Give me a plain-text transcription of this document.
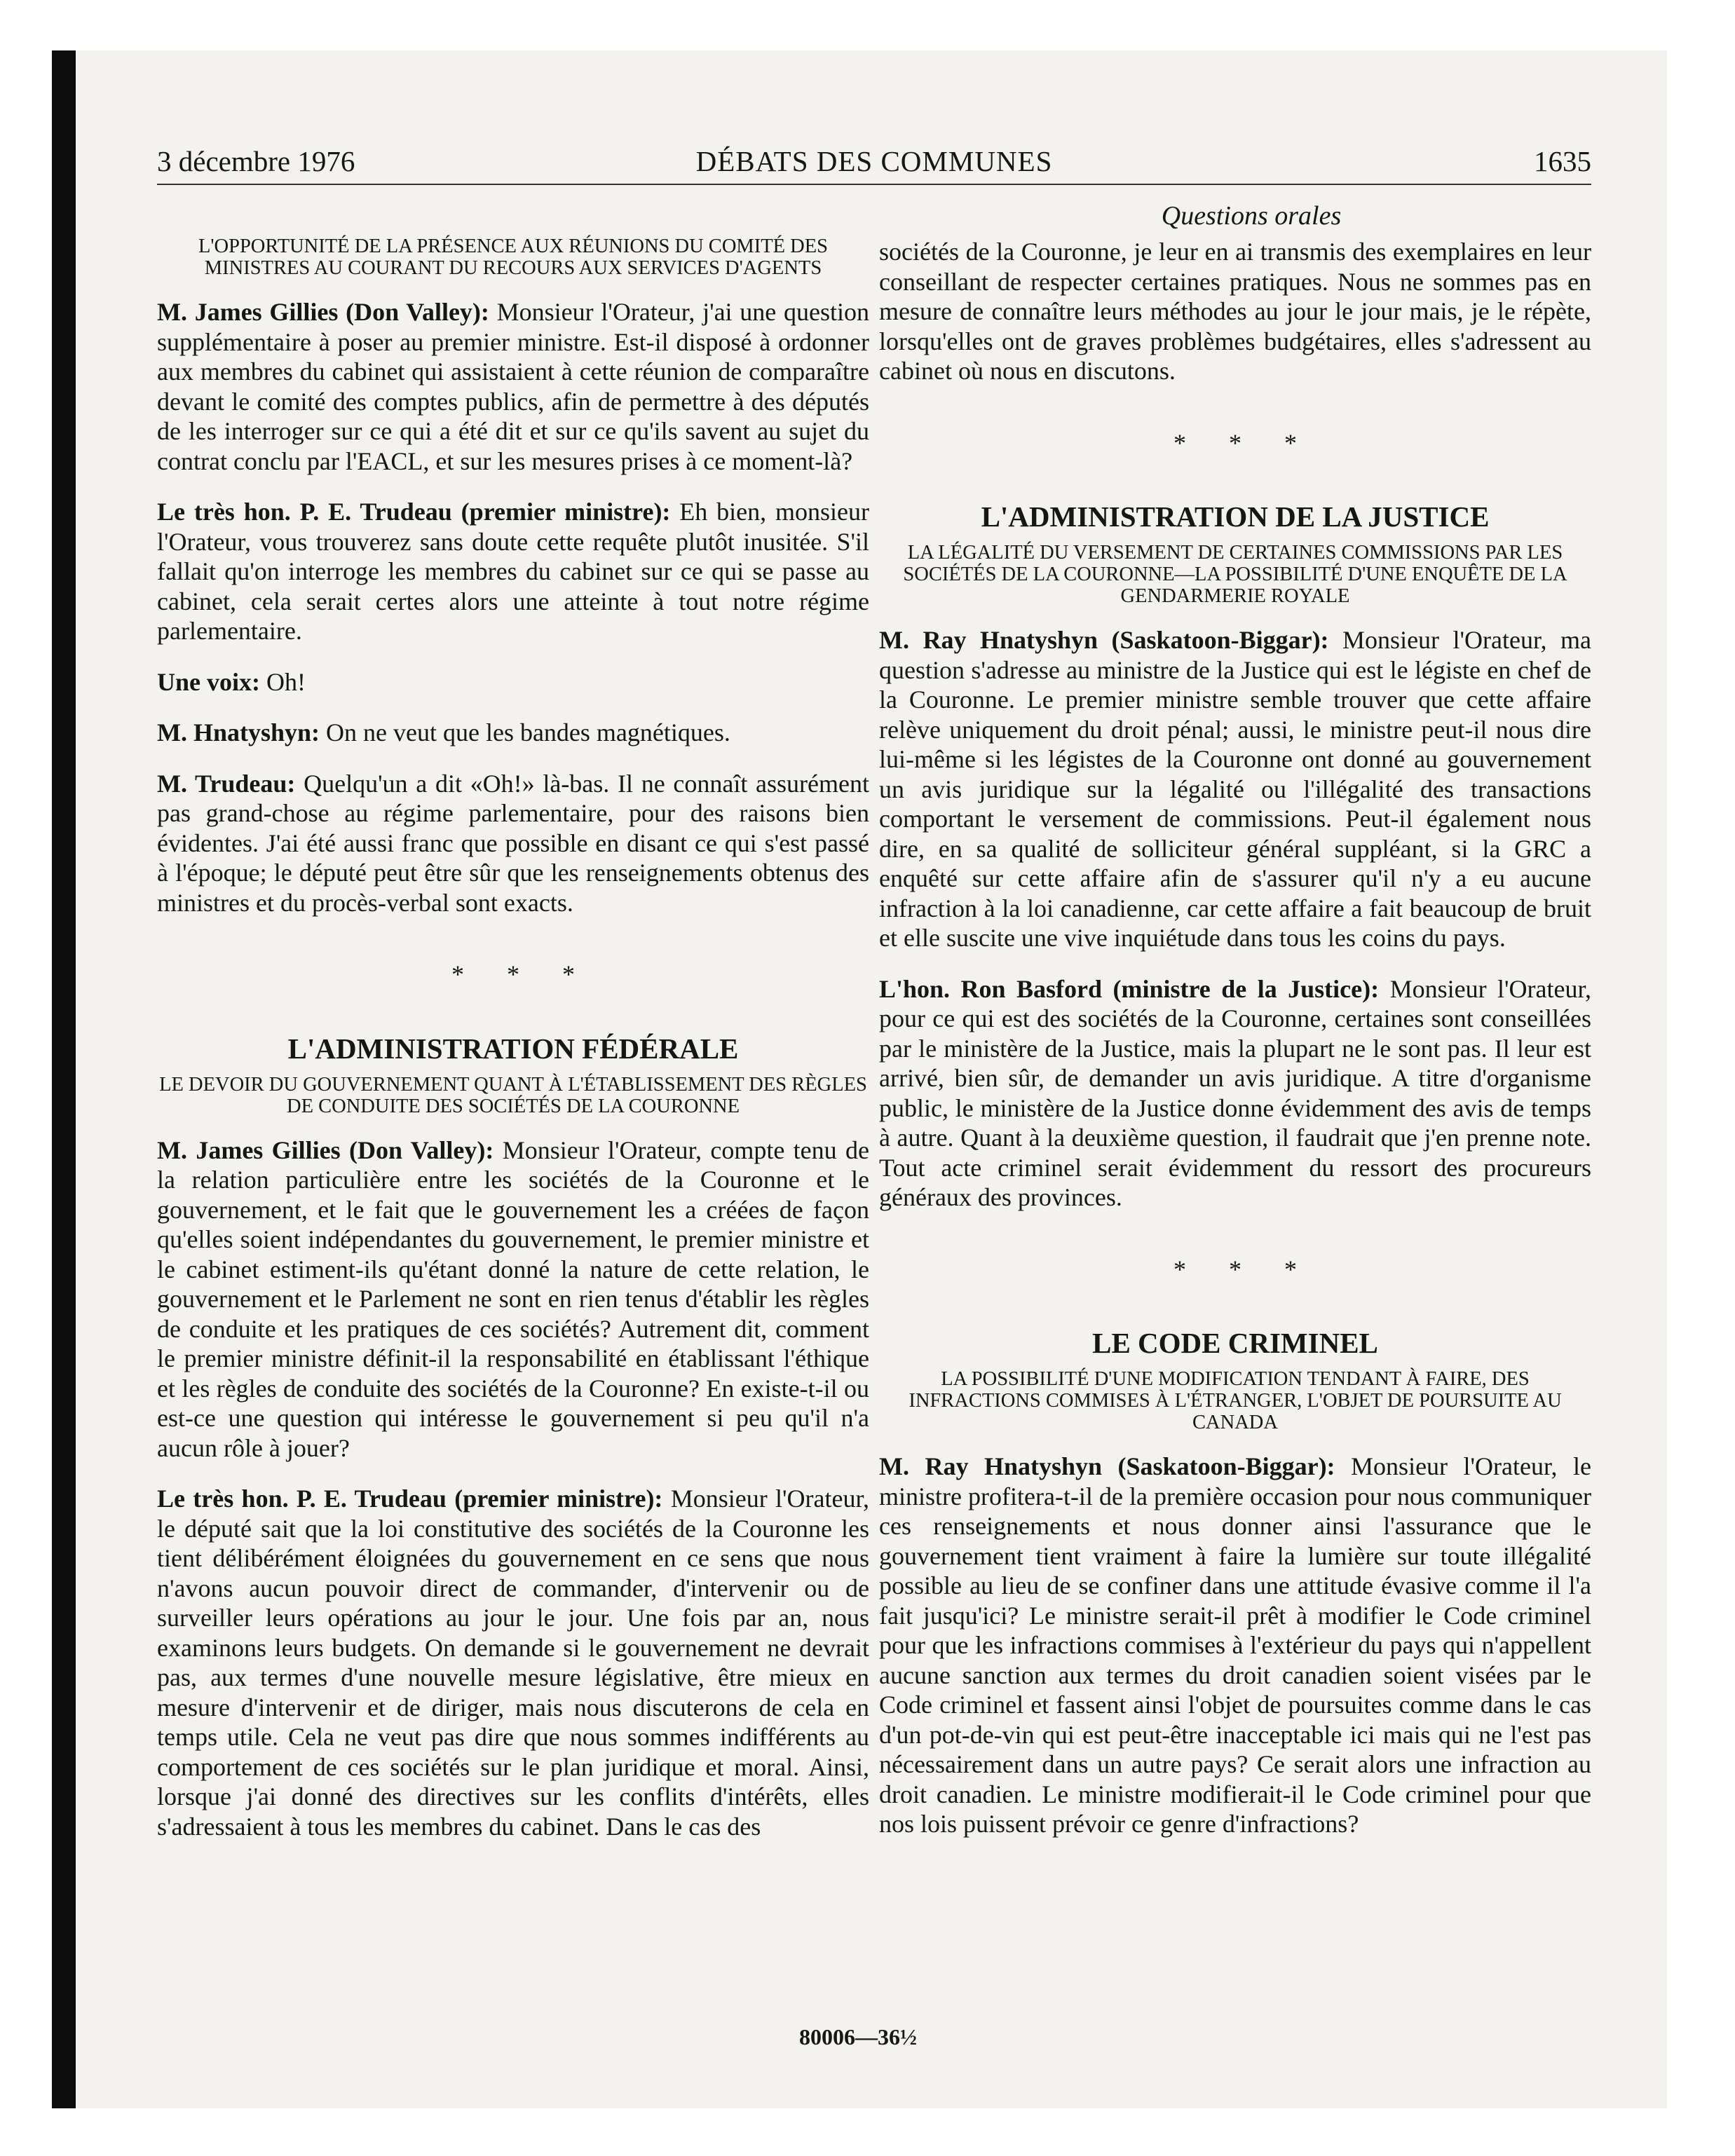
3 décembre 1976	DÉBATS DES COMMUNES	1635
Questions orales

L'OPPORTUNITÉ DE LA PRÉSENCE AUX RÉUNIONS DU COMITÉ DES MINISTRES AU COURANT DU RECOURS AUX SERVICES D'AGENTS

M. James Gillies (Don Valley): Monsieur l'Orateur, j'ai une question supplémentaire à poser au premier ministre. Est-il disposé à ordonner aux membres du cabinet qui assistaient à cette réunion de comparaître devant le comité des comptes publics, afin de permettre à des députés de les interroger sur ce qui a été dit et sur ce qu'ils savent au sujet du contrat conclu par l'EACL, et sur les mesures prises à ce moment-là?

Le très hon. P. E. Trudeau (premier ministre): Eh bien, monsieur l'Orateur, vous trouverez sans doute cette requête plutôt inusitée. S'il fallait qu'on interroge les membres du cabinet sur ce qui se passe au cabinet, cela serait certes alors une atteinte à tout notre régime parlementaire.

Une voix: Oh!

M. Hnatyshyn: On ne veut que les bandes magnétiques.

M. Trudeau: Quelqu'un a dit «Oh!» là-bas. Il ne connaît assurément pas grand-chose au régime parlementaire, pour des raisons bien évidentes. J'ai été aussi franc que possible en disant ce qui s'est passé à l'époque; le député peut être sûr que les renseignements obtenus des ministres et du procès-verbal sont exacts.

* * *

L'ADMINISTRATION FÉDÉRALE

LE DEVOIR DU GOUVERNEMENT QUANT À L'ÉTABLISSEMENT DES RÈGLES DE CONDUITE DES SOCIÉTÉS DE LA COURONNE

M. James Gillies (Don Valley): Monsieur l'Orateur, compte tenu de la relation particulière entre les sociétés de la Couronne et le gouvernement, et le fait que le gouvernement les a créées de façon qu'elles soient indépendantes du gouvernement, le premier ministre et le cabinet estiment-ils qu'étant donné la nature de cette relation, le gouvernement et le Parlement ne sont en rien tenus d'établir les règles de conduite et les pratiques de ces sociétés? Autrement dit, comment le premier ministre définit-il la responsabilité en établissant l'éthique et les règles de conduite des sociétés de la Couronne? En existe-t-il ou est-ce une question qui intéresse le gouvernement si peu qu'il n'a aucun rôle à jouer?

Le très hon. P. E. Trudeau (premier ministre): Monsieur l'Orateur, le député sait que la loi constitutive des sociétés de la Couronne les tient délibérément éloignées du gouvernement en ce sens que nous n'avons aucun pouvoir direct de commander, d'intervenir ou de surveiller leurs opérations au jour le jour. Une fois par an, nous examinons leurs budgets. On demande si le gouvernement ne devrait pas, aux termes d'une nouvelle mesure législative, être mieux en mesure d'intervenir et de diriger, mais nous discuterons de cela en temps utile. Cela ne veut pas dire que nous sommes indifférents au comportement de ces sociétés sur le plan juridique et moral. Ainsi, lorsque j'ai donné des directives sur les conflits d'intérêts, elles s'adressaient à tous les membres du cabinet. Dans le cas des

sociétés de la Couronne, je leur en ai transmis des exemplaires en leur conseillant de respecter certaines pratiques. Nous ne sommes pas en mesure de connaître leurs méthodes au jour le jour mais, je le répète, lorsqu'elles ont de graves problèmes budgétaires, elles s'adressent au cabinet où nous en discutons.

* * *

L'ADMINISTRATION DE LA JUSTICE

LA LÉGALITÉ DU VERSEMENT DE CERTAINES COMMISSIONS PAR LES SOCIÉTÉS DE LA COURONNE—LA POSSIBILITÉ D'UNE ENQUÊTE DE LA GENDARMERIE ROYALE

M. Ray Hnatyshyn (Saskatoon-Biggar): Monsieur l'Orateur, ma question s'adresse au ministre de la Justice qui est le légiste en chef de la Couronne. Le premier ministre semble trouver que cette affaire relève uniquement du droit pénal; aussi, le ministre peut-il nous dire lui-même si les légistes de la Couronne ont donné au gouvernement un avis juridique sur la légalité ou l'illégalité des transactions comportant le versement de commissions. Peut-il également nous dire, en sa qualité de solliciteur général suppléant, si la GRC a enquêté sur cette affaire afin de s'assurer qu'il n'y a eu aucune infraction à la loi canadienne, car cette affaire a fait beaucoup de bruit et elle suscite une vive inquiétude dans tous les coins du pays.

L'hon. Ron Basford (ministre de la Justice): Monsieur l'Orateur, pour ce qui est des sociétés de la Couronne, certaines sont conseillées par le ministère de la Justice, mais la plupart ne le sont pas. Il leur est arrivé, bien sûr, de demander un avis juridique. A titre d'organisme public, le ministère de la Justice donne évidemment des avis de temps à autre. Quant à la deuxième question, il faudrait que j'en prenne note. Tout acte criminel serait évidemment du ressort des procureurs généraux des provinces.

* * *

LE CODE CRIMINEL

LA POSSIBILITÉ D'UNE MODIFICATION TENDANT À FAIRE, DES INFRACTIONS COMMISES À L'ÉTRANGER, L'OBJET DE POURSUITE AU CANADA

M. Ray Hnatyshyn (Saskatoon-Biggar): Monsieur l'Orateur, le ministre profitera-t-il de la première occasion pour nous communiquer ces renseignements et nous donner ainsi l'assurance que le gouvernement tient vraiment à faire la lumière sur toute illégalité possible au lieu de se confiner dans une attitude évasive comme il l'a fait jusqu'ici? Le ministre serait-il prêt à modifier le Code criminel pour que les infractions commises à l'extérieur du pays qui n'appellent aucune sanction aux termes du droit canadien soient visées par le Code criminel et fassent ainsi l'objet de poursuites comme dans le cas d'un pot-de-vin qui est peut-être inacceptable ici mais qui ne l'est pas nécessairement dans un autre pays? Ce serait alors une infraction au droit canadien. Le ministre modifierait-il le Code criminel pour que nos lois puissent prévoir ce genre d'infractions?

80006—36½
